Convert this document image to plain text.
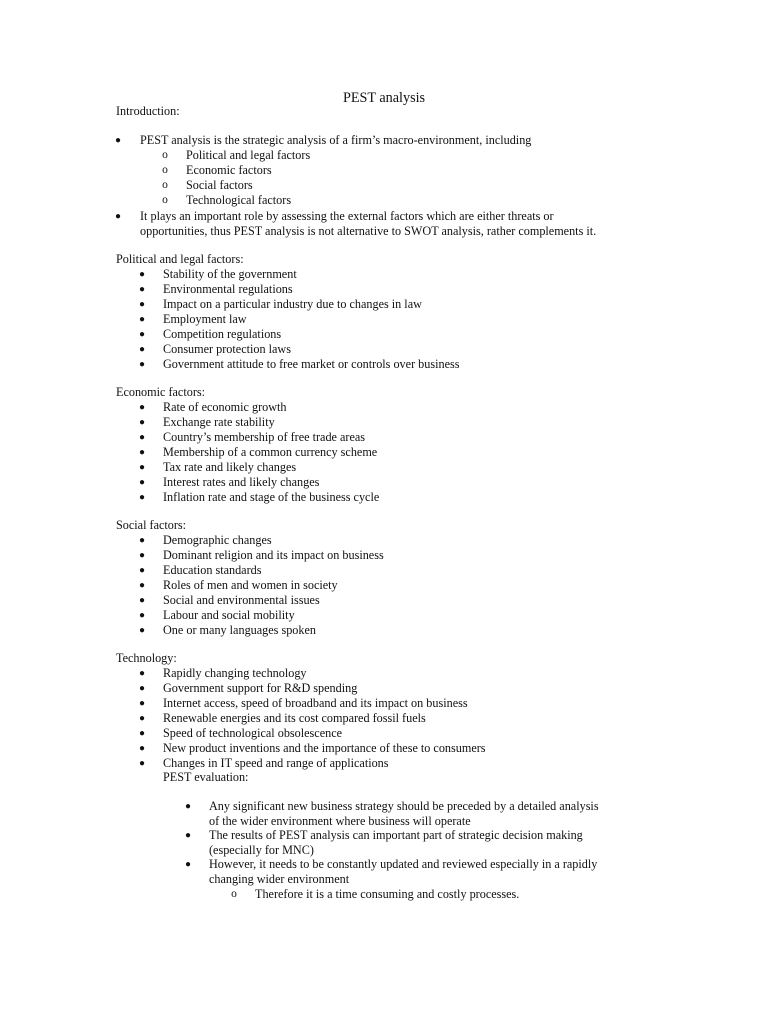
PEST analysis
Introduction:
● PEST analysis is the strategic analysis of a firm’s macro-environment, including
o Political and legal factors
o Economic factors
o Social factors
o Technological factors
● It plays an important role by assessing the external factors which are either threats or
opportunities, thus PEST analysis is not alternative to SWOT analysis, rather complements it.
Political and legal factors:
● Stability of the government
● Environmental regulations
● Impact on a particular industry due to changes in law
● Employment law
● Competition regulations
● Consumer protection laws
● Government attitude to free market or controls over business
Economic factors:
● Rate of economic growth
● Exchange rate stability
● Country’s membership of free trade areas
● Membership of a common currency scheme
● Tax rate and likely changes
● Interest rates and likely changes
● Inflation rate and stage of the business cycle
Social factors:
● Demographic changes
● Dominant religion and its impact on business
● Education standards
● Roles of men and women in society
● Social and environmental issues
● Labour and social mobility
● One or many languages spoken
Technology:
● Rapidly changing technology
● Government support for R&D spending
● Internet access, speed of broadband and its impact on business
● Renewable energies and its cost compared fossil fuels
● Speed of technological obsolescence
● New product inventions and the importance of these to consumers
● Changes in IT speed and range of applications
PEST evaluation:
● Any significant new business strategy should be preceded by a detailed analysis
of the wider environment where business will operate
● The results of PEST analysis can important part of strategic decision making
(especially for MNC)
● However, it needs to be constantly updated and reviewed especially in a rapidly
changing wider environment
o Therefore it is a time consuming and costly processes.
